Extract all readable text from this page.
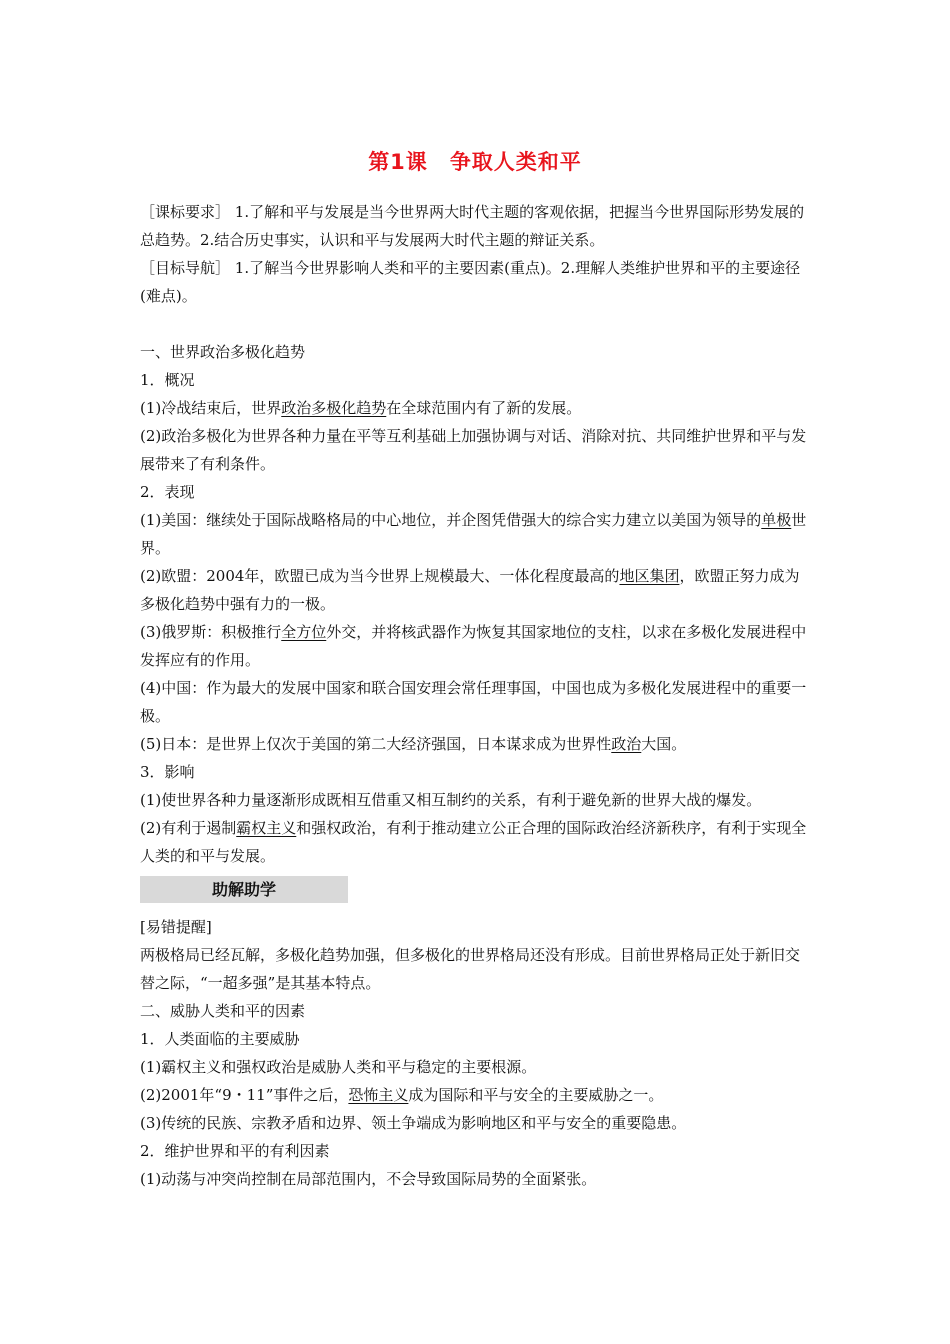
第1课 争取人类和平

［课标要求］ 1.了解和平与发展是当今世界两大时代主题的客观依据，把握当今世界国际形势发展的总趋势。2.结合历史事实，认识和平与发展两大时代主题的辩证关系。

［目标导航］ 1.了解当今世界影响人类和平的主要因素(重点)。2.理解人类维护世界和平的主要途径(难点)。

一、世界政治多极化趋势

1．概况

(1)冷战结束后，世界政治多极化趋势在全球范围内有了新的发展。

(2)政治多极化为世界各种力量在平等互利基础上加强协调与对话、消除对抗、共同维护世界和平与发展带来了有利条件。

2．表现

(1)美国：继续处于国际战略格局的中心地位，并企图凭借强大的综合实力建立以美国为领导的单极世界。

(2)欧盟：2004年，欧盟已成为当今世界上规模最大、一体化程度最高的地区集团，欧盟正努力成为多极化趋势中强有力的一极。

(3)俄罗斯：积极推行全方位外交，并将核武器作为恢复其国家地位的支柱，以求在多极化发展进程中发挥应有的作用。

(4)中国：作为最大的发展中国家和联合国安理会常任理事国，中国也成为多极化发展进程中的重要一极。

(5)日本：是世界上仅次于美国的第二大经济强国，日本谋求成为世界性政治大国。

3．影响

(1)使世界各种力量逐渐形成既相互借重又相互制约的关系，有利于避免新的世界大战的爆发。

(2)有利于遏制霸权主义和强权政治，有利于推动建立公正合理的国际政治经济新秩序，有利于实现全人类的和平与发展。

助解助学

[易错提醒]

两极格局已经瓦解，多极化趋势加强，但多极化的世界格局还没有形成。目前世界格局正处于新旧交替之际，“一超多强”是其基本特点。

二、威胁人类和平的因素

1．人类面临的主要威胁

(1)霸权主义和强权政治是威胁人类和平与稳定的主要根源。

(2)2001年“9・11”事件之后，恐怖主义成为国际和平与安全的主要威胁之一。

(3)传统的民族、宗教矛盾和边界、领土争端成为影响地区和平与安全的重要隐患。

2．维护世界和平的有利因素

(1)动荡与冲突尚控制在局部范围内，不会导致国际局势的全面紧张。
